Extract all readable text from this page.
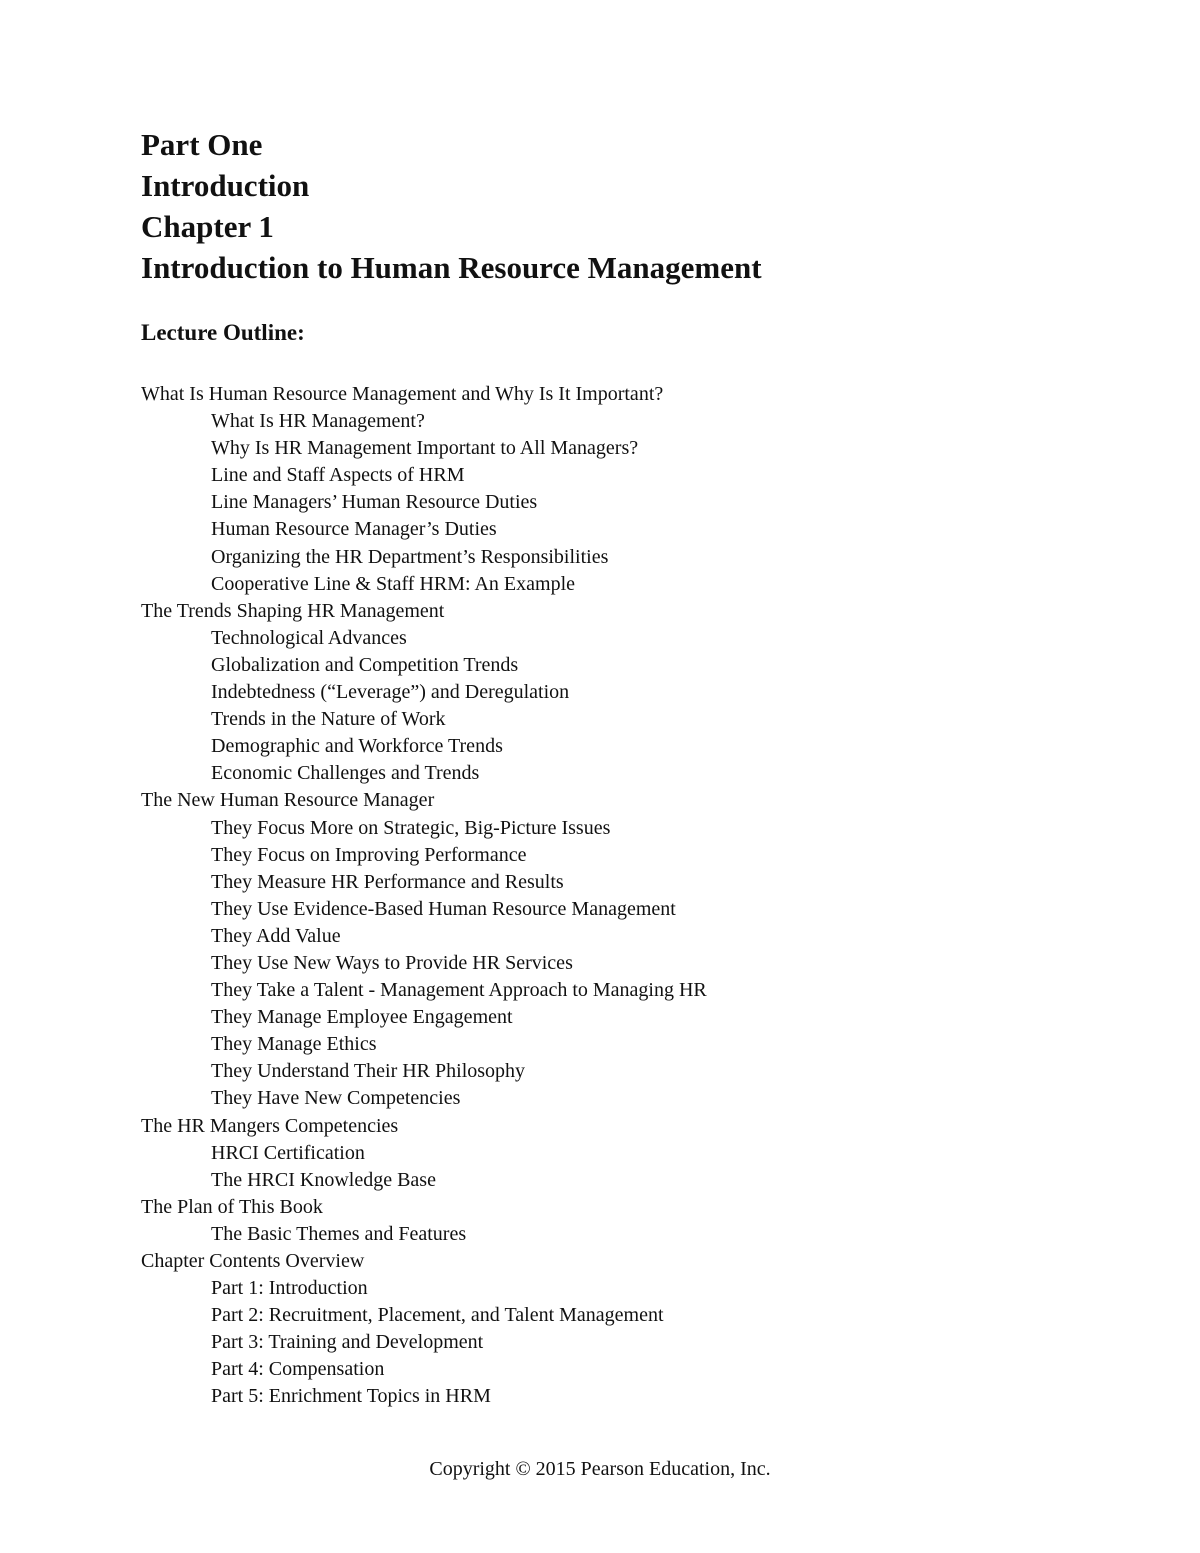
Part One
Introduction
Chapter 1
Introduction to Human Resource Management
Lecture Outline:
What Is Human Resource Management and Why Is It Important?
What Is HR Management?
Why Is HR Management Important to All Managers?
Line and Staff Aspects of HRM
Line Managers’ Human Resource Duties
Human Resource Manager’s Duties
Organizing the HR Department’s Responsibilities
Cooperative Line & Staff HRM: An Example
The Trends Shaping HR Management
Technological Advances
Globalization and Competition Trends
Indebtedness (“Leverage”) and Deregulation
Trends in the Nature of Work
Demographic and Workforce Trends
Economic Challenges and Trends
The New Human Resource Manager
They Focus More on Strategic, Big-Picture Issues
They Focus on Improving Performance
They Measure HR Performance and Results
They Use Evidence-Based Human Resource Management
They Add Value
They Use New Ways to Provide HR Services
They Take a Talent - Management Approach to Managing HR
They Manage Employee Engagement
They Manage Ethics
They Understand Their HR Philosophy
They Have New Competencies
The HR Mangers Competencies
HRCI Certification
The HRCI Knowledge Base
The Plan of This Book
The Basic Themes and Features
Chapter Contents Overview
Part 1: Introduction
Part 2: Recruitment, Placement, and Talent Management
Part 3: Training and Development
Part 4: Compensation
Part 5: Enrichment Topics in HRM
Copyright © 2015 Pearson Education, Inc.
